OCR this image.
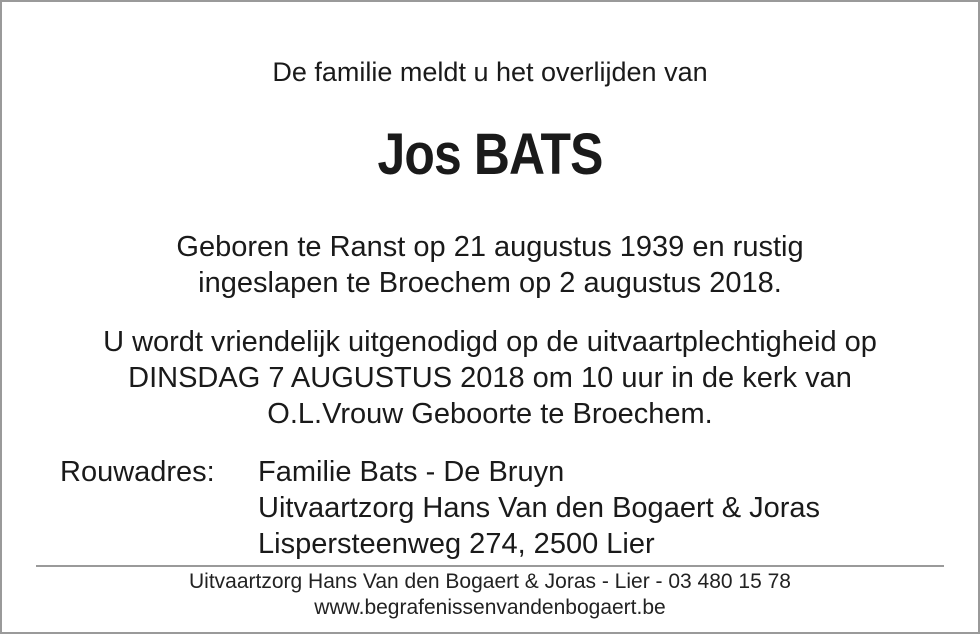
De familie meldt u het overlijden van
Jos BATS
Geboren te Ranst op 21 augustus 1939 en rustig
ingeslapen te Broechem op 2 augustus 2018.
U wordt vriendelijk uitgenodigd op de uitvaartplechtigheid op
DINSDAG 7 AUGUSTUS 2018 om 10 uur in de kerk van
O.L.Vrouw Geboorte te Broechem.
Rouwadres: Familie Bats - De Bruyn
Uitvaartzorg Hans Van den Bogaert & Joras
Lispersteenweg 274, 2500 Lier
Uitvaartzorg Hans Van den Bogaert & Joras - Lier - 03 480 15 78
www.begrafenissenvandenbogaert.be
